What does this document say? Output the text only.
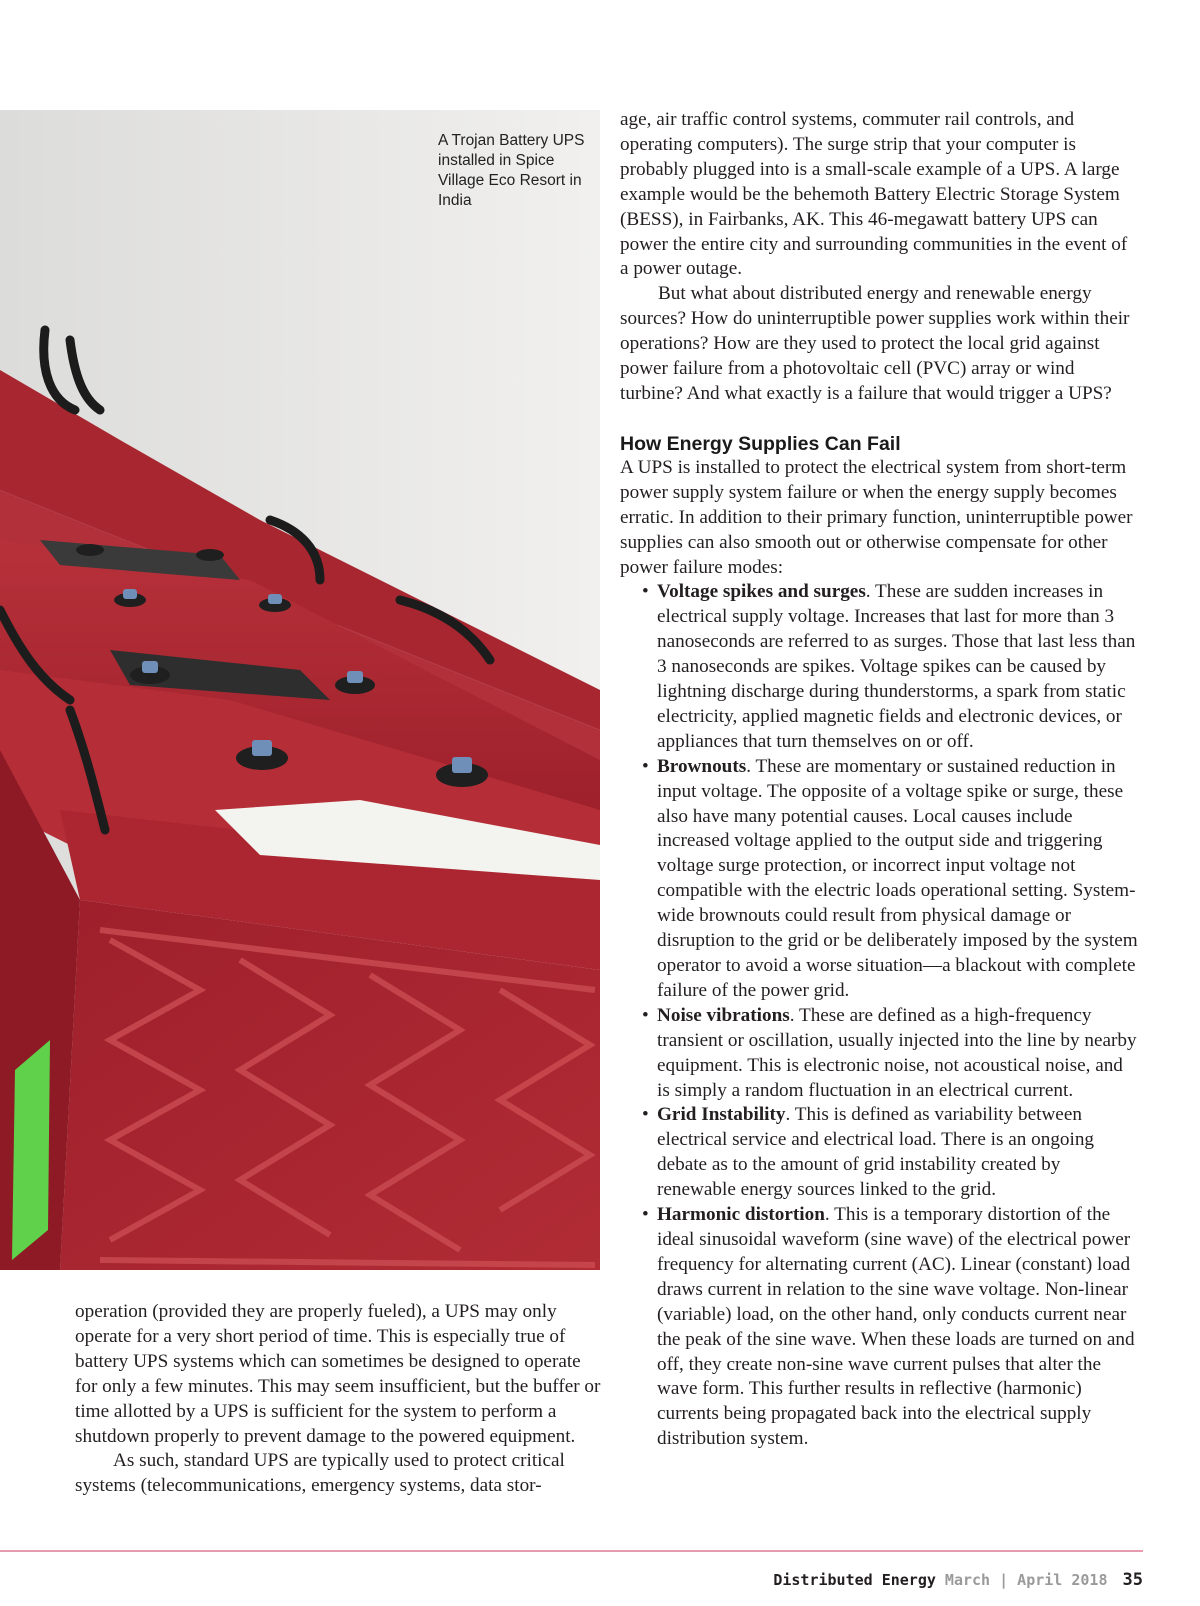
A Trojan Battery UPS installed in Spice Village Eco Resort in India

operation (provided they are properly fueled), a UPS may only operate for a very short period of time. This is especially true of battery UPS systems which can sometimes be designed to operate for only a few minutes. This may seem insufficient, but the buffer or time allotted by a UPS is sufficient for the system to perform a shutdown properly to prevent damage to the powered equipment.

As such, standard UPS are typically used to protect critical systems (telecommunications, emergency systems, data stor-

age, air traffic control systems, commuter rail controls, and operating computers). The surge strip that your computer is probably plugged into is a small-scale example of a UPS. A large example would be the behemoth Battery Electric Storage System (BESS), in Fairbanks, AK. This 46-megawatt battery UPS can power the entire city and surrounding communities in the event of a power outage.

But what about distributed energy and renewable energy sources? How do uninterruptible power supplies work within their operations? How are they used to protect the local grid against power failure from a photovoltaic cell (PVC) array or wind turbine? And what exactly is a failure that would trigger a UPS?

How Energy Supplies Can Fail

A UPS is installed to protect the electrical system from short-term power supply system failure or when the energy supply becomes erratic. In addition to their primary function, uninterruptible power supplies can also smooth out or otherwise compensate for other power failure modes:

• Voltage spikes and surges. These are sudden increases in electrical supply voltage. Increases that last for more than 3 nanoseconds are referred to as surges. Those that last less than 3 nanoseconds are spikes. Voltage spikes can be caused by lightning discharge during thunderstorms, a spark from static electricity, applied magnetic fields and electronic devices, or appliances that turn themselves on or off.
• Brownouts. These are momentary or sustained reduction in input voltage. The opposite of a voltage spike or surge, these also have many potential causes. Local causes include increased voltage applied to the output side and triggering voltage surge protection, or incorrect input voltage not compatible with the electric loads operational setting. System-wide brownouts could result from physical damage or disruption to the grid or be deliberately imposed by the system operator to avoid a worse situation—a blackout with complete failure of the power grid.
• Noise vibrations. These are defined as a high-frequency transient or oscillation, usually injected into the line by nearby equipment. This is electronic noise, not acoustical noise, and is simply a random fluctuation in an electrical current.
• Grid Instability. This is defined as variability between electrical service and electrical load. There is an ongoing debate as to the amount of grid instability created by renewable energy sources linked to the grid.
• Harmonic distortion. This is a temporary distortion of the ideal sinusoidal waveform (sine wave) of the electrical power frequency for alternating current (AC). Linear (constant) load draws current in relation to the sine wave voltage. Non-linear (variable) load, on the other hand, only conducts current near the peak of the sine wave. When these loads are turned on and off, they create non-sine wave current pulses that alter the wave form. This further results in reflective (harmonic) currents being propagated back into the electrical supply distribution system.
Distributed Energy March | April 2018 35
